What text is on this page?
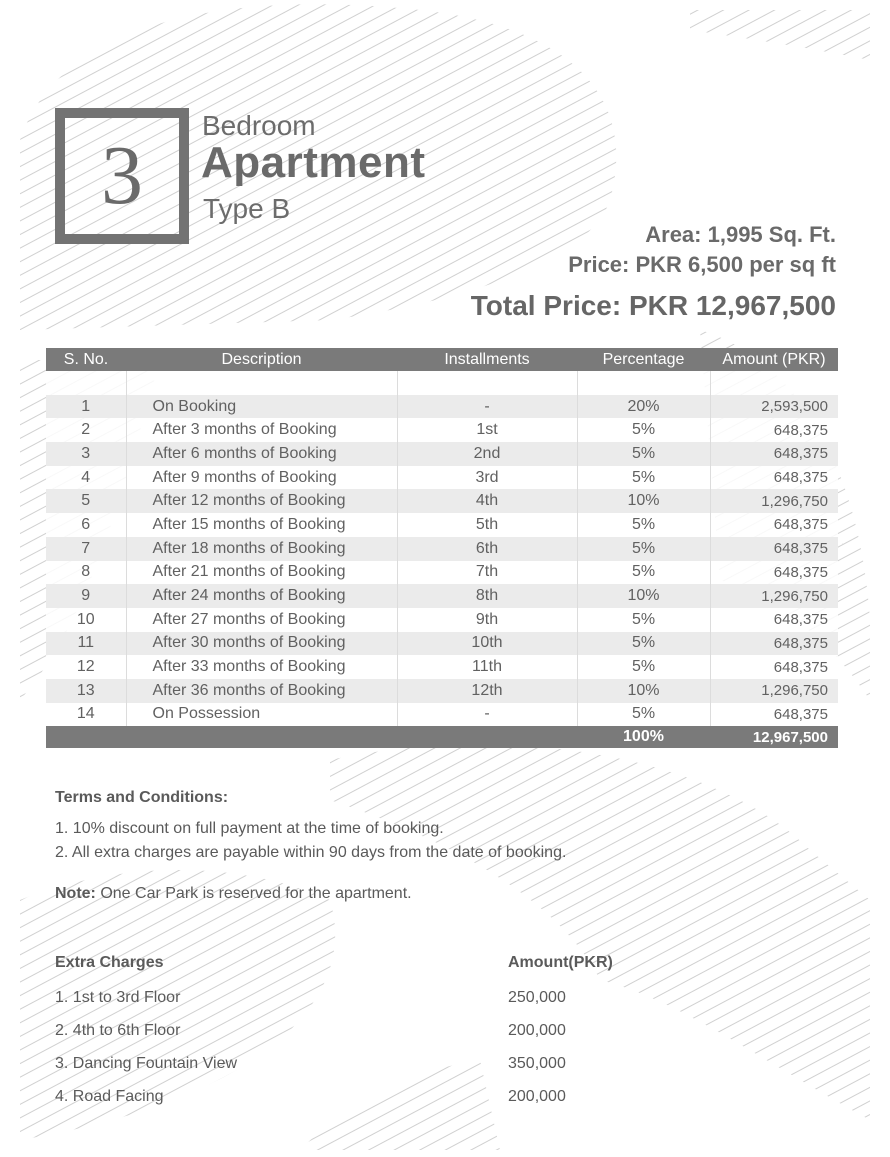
3
Bedroom
Apartment
Type B
Area: 1,995 Sq. Ft.
Price: PKR 6,500 per sq ft
Total Price: PKR 12,967,500
S. No.	Description	Installments	Percentage	Amount (PKR)

1	On Booking	-	20%	2,593,500
2	After 3 months of Booking	1st	5%	648,375
3	After 6 months of Booking	2nd	5%	648,375
4	After 9 months of Booking	3rd	5%	648,375
5	After 12 months of Booking	4th	10%	1,296,750
6	After 15 months of Booking	5th	5%	648,375
7	After 18 months of Booking	6th	5%	648,375
8	After 21 months of Booking	7th	5%	648,375
9	After 24 months of Booking	8th	10%	1,296,750
10	After 27 months of Booking	9th	5%	648,375
11	After 30 months of Booking	10th	5%	648,375
12	After 33 months of Booking	11th	5%	648,375
13	After 36 months of Booking	12th	10%	1,296,750
14	On Possession	-	5%	648,375
			100%	12,967,500
Terms and Conditions:
1. 10% discount on full payment at the time of booking.
2. All extra charges are payable within 90 days from the date of booking.
Note: One Car Park is reserved for the apartment.
Extra Charges	Amount(PKR)
1. 1st to 3rd Floor	250,000
2. 4th to 6th Floor	200,000
3. Dancing Fountain View	350,000
4. Road Facing	200,000
